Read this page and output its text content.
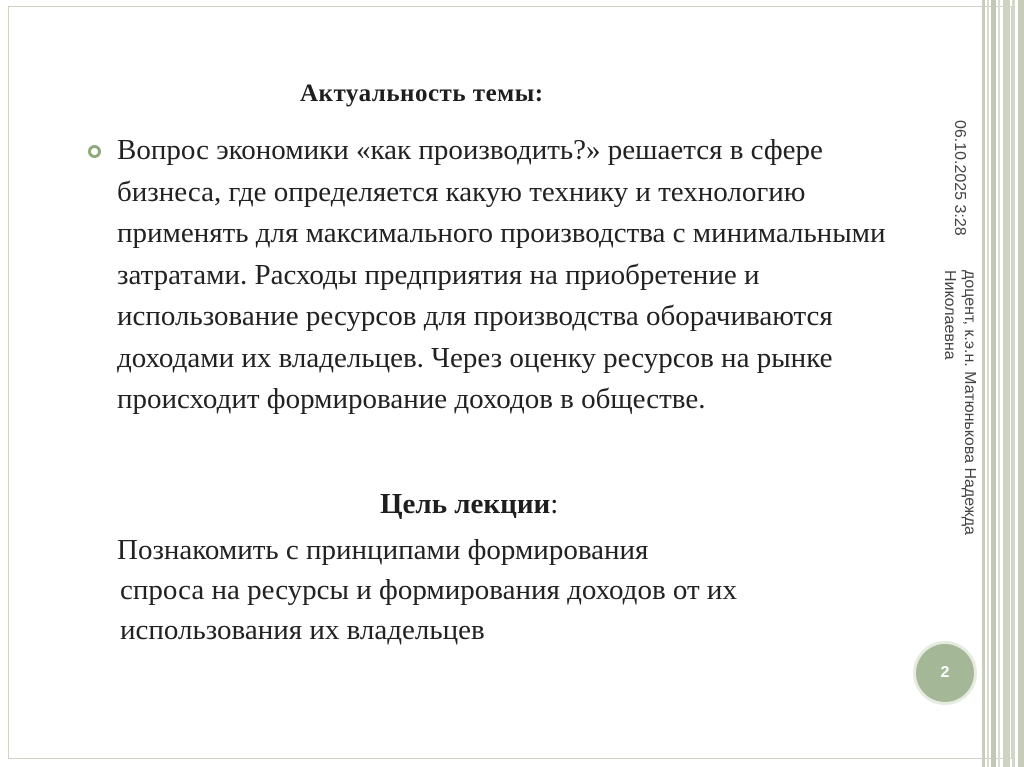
Актуальность темы:
Вопрос экономики «как производить?» решается в сфере бизнеса, где определяется какую технику и технологию применять для максимального производства с минимальными затратами. Расходы предприятия на приобретение и использование ресурсов для производства оборачиваются доходами их владельцев. Через оценку ресурсов на рынке происходит формирование доходов в обществе.
Цель лекции:
Познакомить с принципами формирования
спроса на ресурсы и формирования доходов от их
использования их владельцев
06.10.2025 3:28
доцент, к.э.н. Матюнькова Надежда
Николаевна
2
